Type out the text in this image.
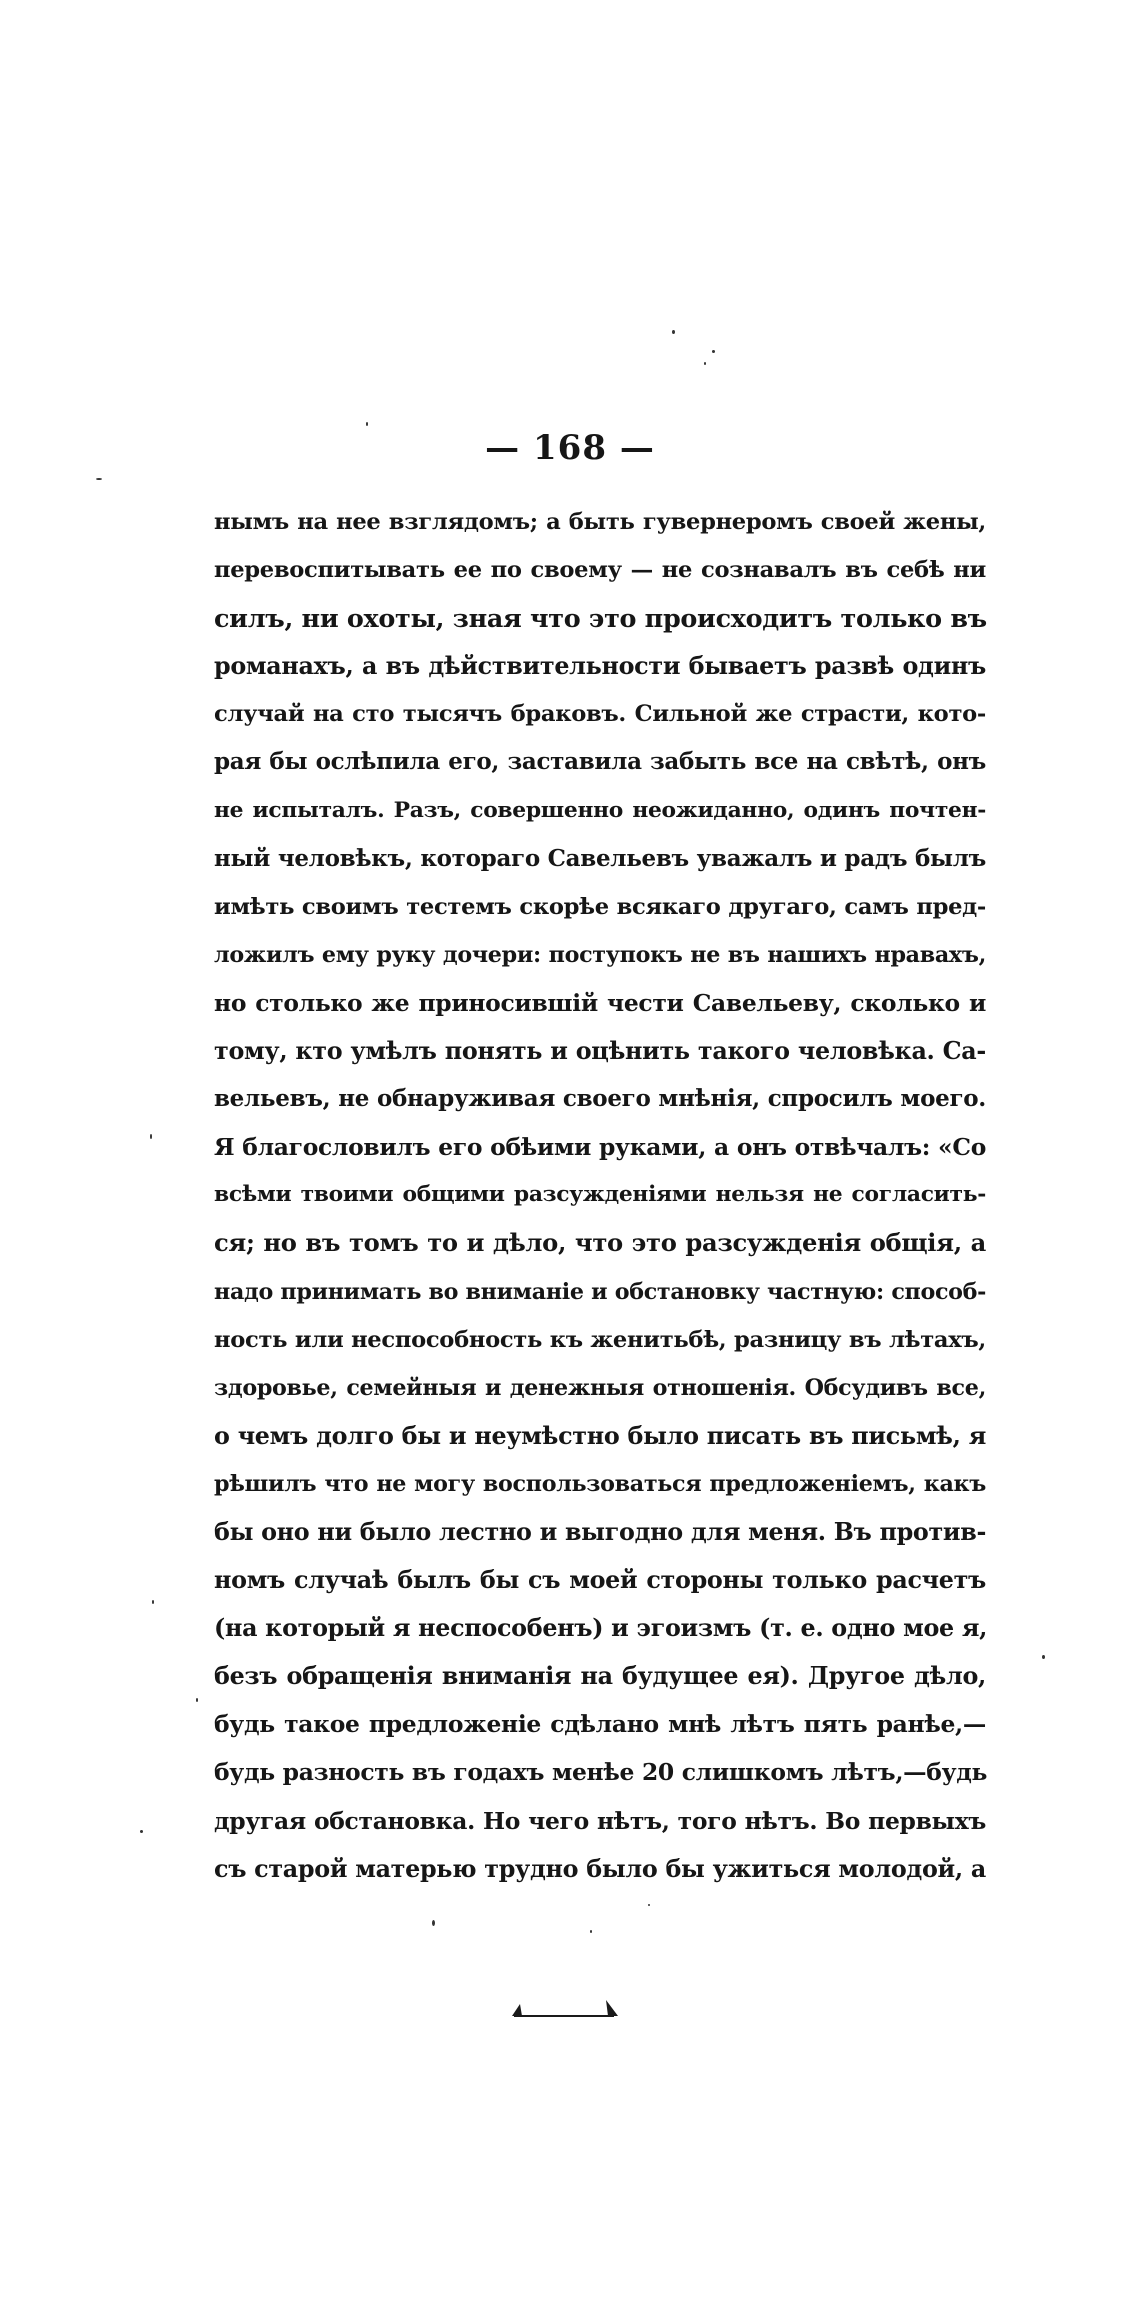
— 168 —
нымъ на нее взглядомъ; а быть гувернеромъ своей жены,
перевоспитывать ее по своему — не сознавалъ въ себѣ ни
силъ, ни охоты, зная что это происходитъ только въ
романахъ, а въ дѣйствительности бываетъ развѣ одинъ
случай на сто тысячъ браковъ. Сильной же страсти, кото-
рая бы ослѣпила его, заставила забыть все на свѣтѣ, онъ
не испыталъ. Разъ, совершенно неожиданно, одинъ почтен-
ный человѣкъ, котораго Савельевъ уважалъ и радъ былъ
имѣть своимъ тестемъ скорѣе всякаго другаго, самъ пред-
ложилъ ему руку дочери: поступокъ не въ нашихъ нравахъ,
но столько же приносившій чести Савельеву, сколько и
тому, кто умѣлъ понять и оцѣнить такого человѣка. Са-
вельевъ, не обнаруживая своего мнѣнія, спросилъ моего.
Я благословилъ его обѣими руками, а онъ отвѣчалъ: «Со
всѣми твоими общими разсужденіями нельзя не согласить-
ся; но въ томъ то и дѣло, что это разсужденія общія, а
надо принимать во вниманіе и обстановку частную: способ-
ность или неспособность къ женитьбѣ, разницу въ лѣтахъ,
здоровье, семейныя и денежныя отношенія. Обсудивъ все,
о чемъ долго бы и неумѣстно было писать въ письмѣ, я
рѣшилъ что не могу воспользоваться предложеніемъ, какъ
бы оно ни было лестно и выгодно для меня. Въ против-
номъ случаѣ былъ бы съ моей стороны только расчетъ
(на который я неспособенъ) и эгоизмъ (т. е. одно мое я,
безъ обращенія вниманія на будущее ея). Другое дѣло,
будь такое предложеніе сдѣлано мнѣ лѣтъ пять ранѣе,—
будь разность въ годахъ менѣе 20 слишкомъ лѣтъ,—будь
другая обстановка. Но чего нѣтъ, того нѣтъ. Во первыхъ
съ старой матерью трудно было бы ужиться молодой, а
